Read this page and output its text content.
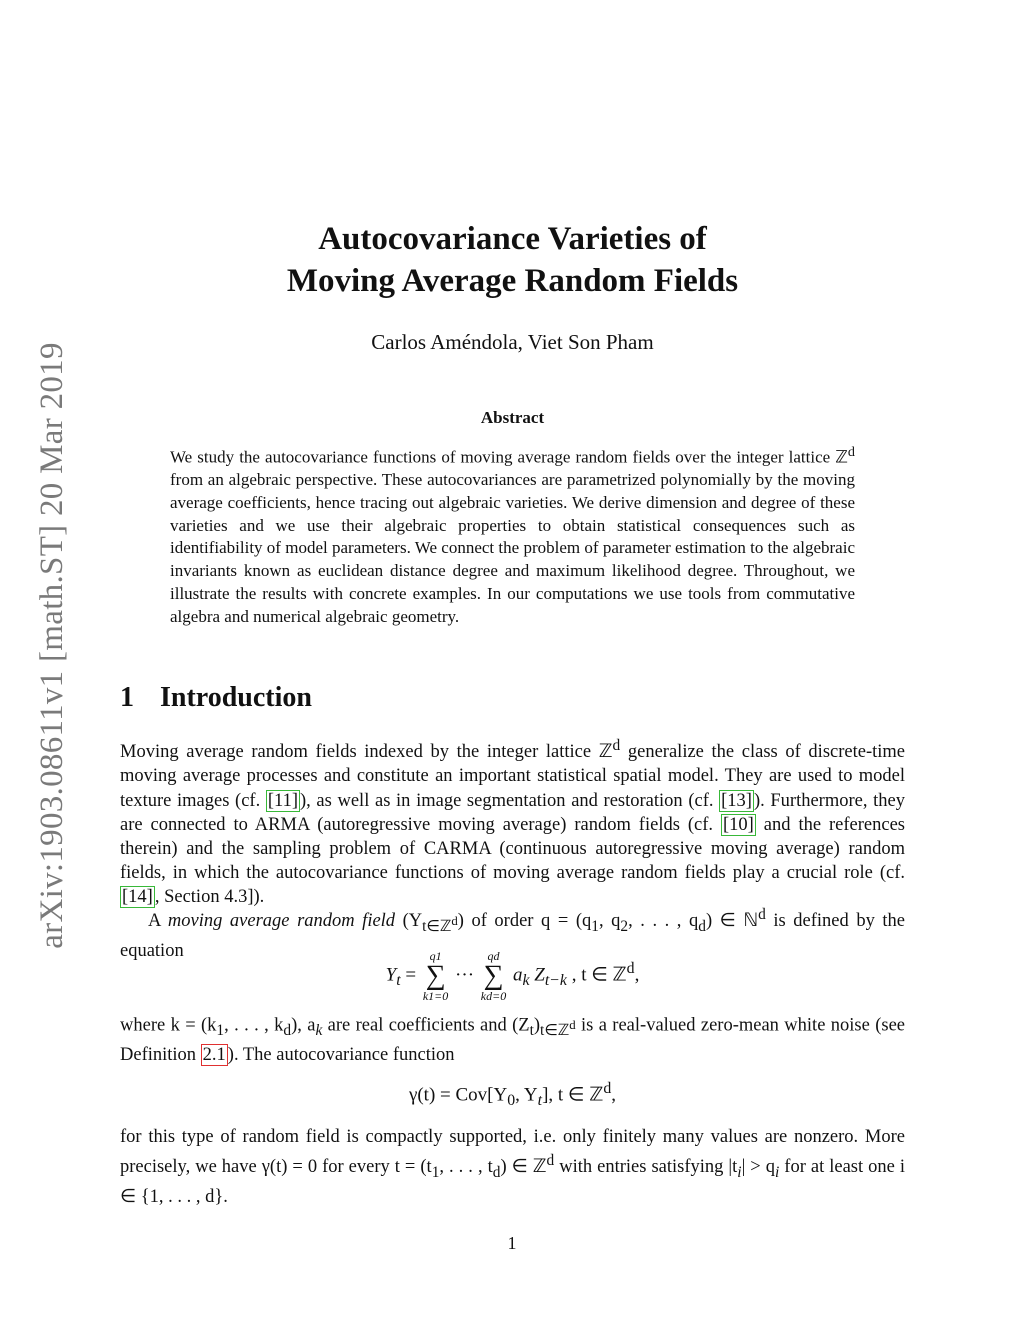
arXiv:1903.08611v1 [math.ST] 20 Mar 2019
Autocovariance Varieties of
Moving Average Random Fields
Carlos Améndola, Viet Son Pham
Abstract
We study the autocovariance functions of moving average random fields over the integer lattice ℤ$^d$ from an algebraic perspective. These autocovariances are parametrized polynomially by the moving average coefficients, hence tracing out algebraic varieties. We derive dimension and degree of these varieties and we use their algebraic properties to obtain statistical consequences such as identifiability of model parameters. We connect the problem of parameter estimation to the algebraic invariants known as euclidean distance degree and maximum likelihood degree. Throughout, we illustrate the results with concrete examples. In our computations we use tools from commutative algebra and numerical algebraic geometry.
1 Introduction
Moving average random fields indexed by the integer lattice ℤ$^d$ generalize the class of discrete-time moving average processes and constitute an important statistical spatial model. They are used to model texture images (cf. [11] ), as well as in image segmentation and restoration (cf. [13] ). Furthermore, they are connected to ARMA (autoregressive moving average) random fields (cf. [10] and the references therein) and the sampling problem of CARMA (continuous autoregressive moving average) random fields, in which the autocovariance functions of moving average random fields play a crucial role (cf. [14] , Section 4.3]).
A moving average random field $(Y_{t\in ℤ^d})$ of order $q = (q_1$, $q_2$, . . . , $q_d$) ∈ ℕ$^d$ is defined by the equation
$Y_t$ =
q1
∑
k1=0
···
qd
∑
kd=0
$a_k$ $Z_{t-k}$ , t ∈ ℤ$^d$,
where $k = (k_1$, . . . , $k_d$), $a_k$ are real coefficients and $(Z_t)_{t\in ℤ^d}$ is a real-valued zero-mean white noise (see Definition 2.1 ). The autocovariance function
$\gamma(t) = Cov[Y_0$, $Y_t$], t ∈ ℤ$^d$,
for this type of random field is compactly supported, i.e. only finitely many values are nonzero. More precisely, we have γ(t) = 0 for every $t = (t_1$, . . . , $t_d$) ∈ ℤ$^d$ with entries satisfying $|t_i| > q_i$ for at least one i ∈ {1, . . . , d}.
1
